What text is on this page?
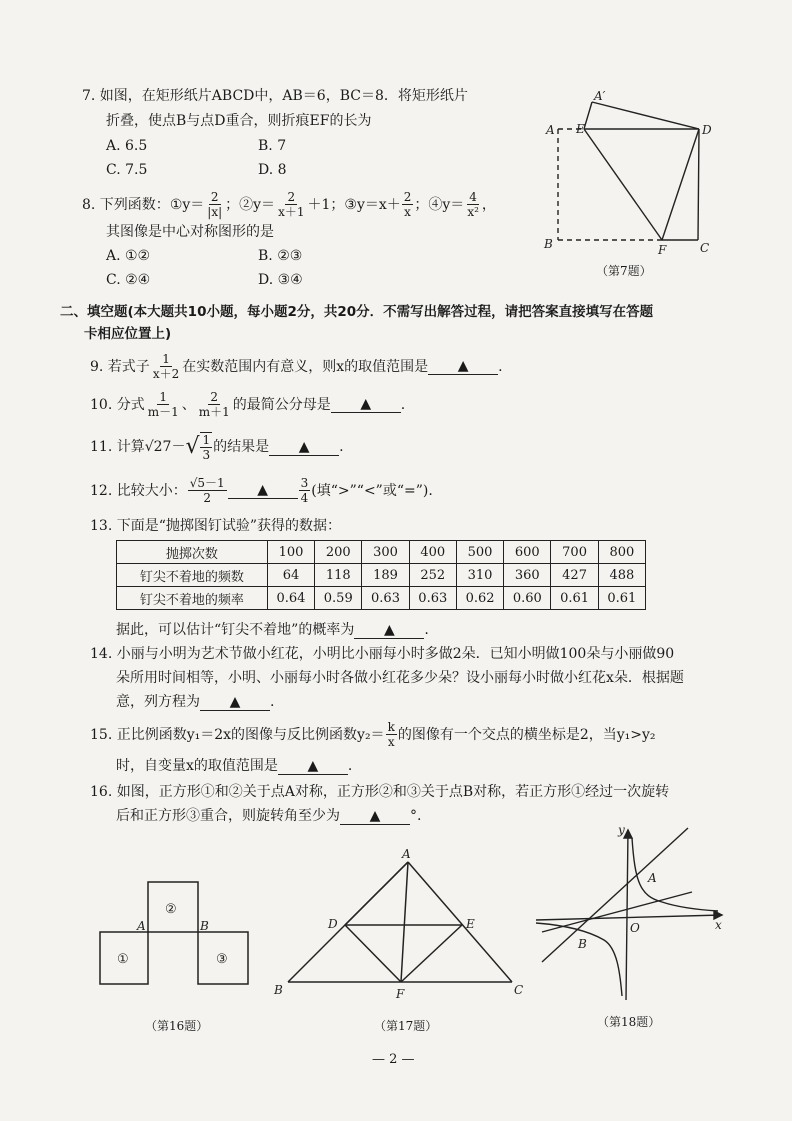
7. 如图，在矩形纸片ABCD中，AB＝6，BC＝8．将矩形纸片
折叠，使点B与点D重合，则折痕EF的长为
A. 6.5	B. 7
C. 7.5	D. 8
A
A′
E	D
B	F	C
（第7题）
8. 下列函数： ①y＝ $\frac{2}{|x|}$ ；②y＝ $\frac{2}{x+1} +1$； ③y＝x＋ $\frac{2}{x}$ ；④y＝ $\frac{4}{\text{x²}}$ ，
其图像是中心对称图形的是
A. ①②	B. ②③
C. ②④	D. ③④
二、填空题(本大题共10小题，每小题2分，共20分．不需写出解答过程，请把答案直接填写在答题
卡相应位置上)
9. 若式子 $\frac{1}{x+2}$ 在实数范围内有意义，则x的取值范围是	▲	.
10. 分式 $\frac{1}{m-1}$ 、 $\frac{2}{m+1}$ 的最简公分母是	▲	.
11. 计算√27－ √ $\frac{1}{3}$ 的结果是	▲	.
12. 比较大小： $\frac{√5-1}{2}$	▲	$\frac{3}{4}$ (填“>”“<”或“=”).
13. 下面是“抛掷图钉试验”获得的数据：
抛掷次数	100	200	300	400	500	600	700	800
钉尖不着地的频数	64	118	189	252	310	360	427	488
钉尖不着地的频率	0.64	0.59	0.63	0.63	0.62	0.60	0.61	0.61
据此，可以估计“钉尖不着地”的概率为 ▲ .
14. 小丽与小明为艺术节做小红花，小明比小丽每小时多做2朵．已知小明做100朵与小丽做90
朵所用时间相等，小明、小丽每小时各做小红花多少朵？设小丽每小时做小红花x朵．根据题
意，列方程为 ▲ .
15. 正比例函数y₁＝2x的图像与反比例函数$y_2= \frac{k}{x}$ 的图像有一个交点的横坐标是2，当y₁>y₂
时，自变量x的取值范围是 ▲ .
16. 如图，正方形①和②关于点A对称，正方形②和③关于点B对称，若正方形①经过一次旋转
后和正方形③重合，则旋转角至少为 ▲ °.
①
②
③
A	B
（第16题）
A
B	C
D	E
F
（第17题）
y
x
O
A
B
（第18题）
— 2 —
